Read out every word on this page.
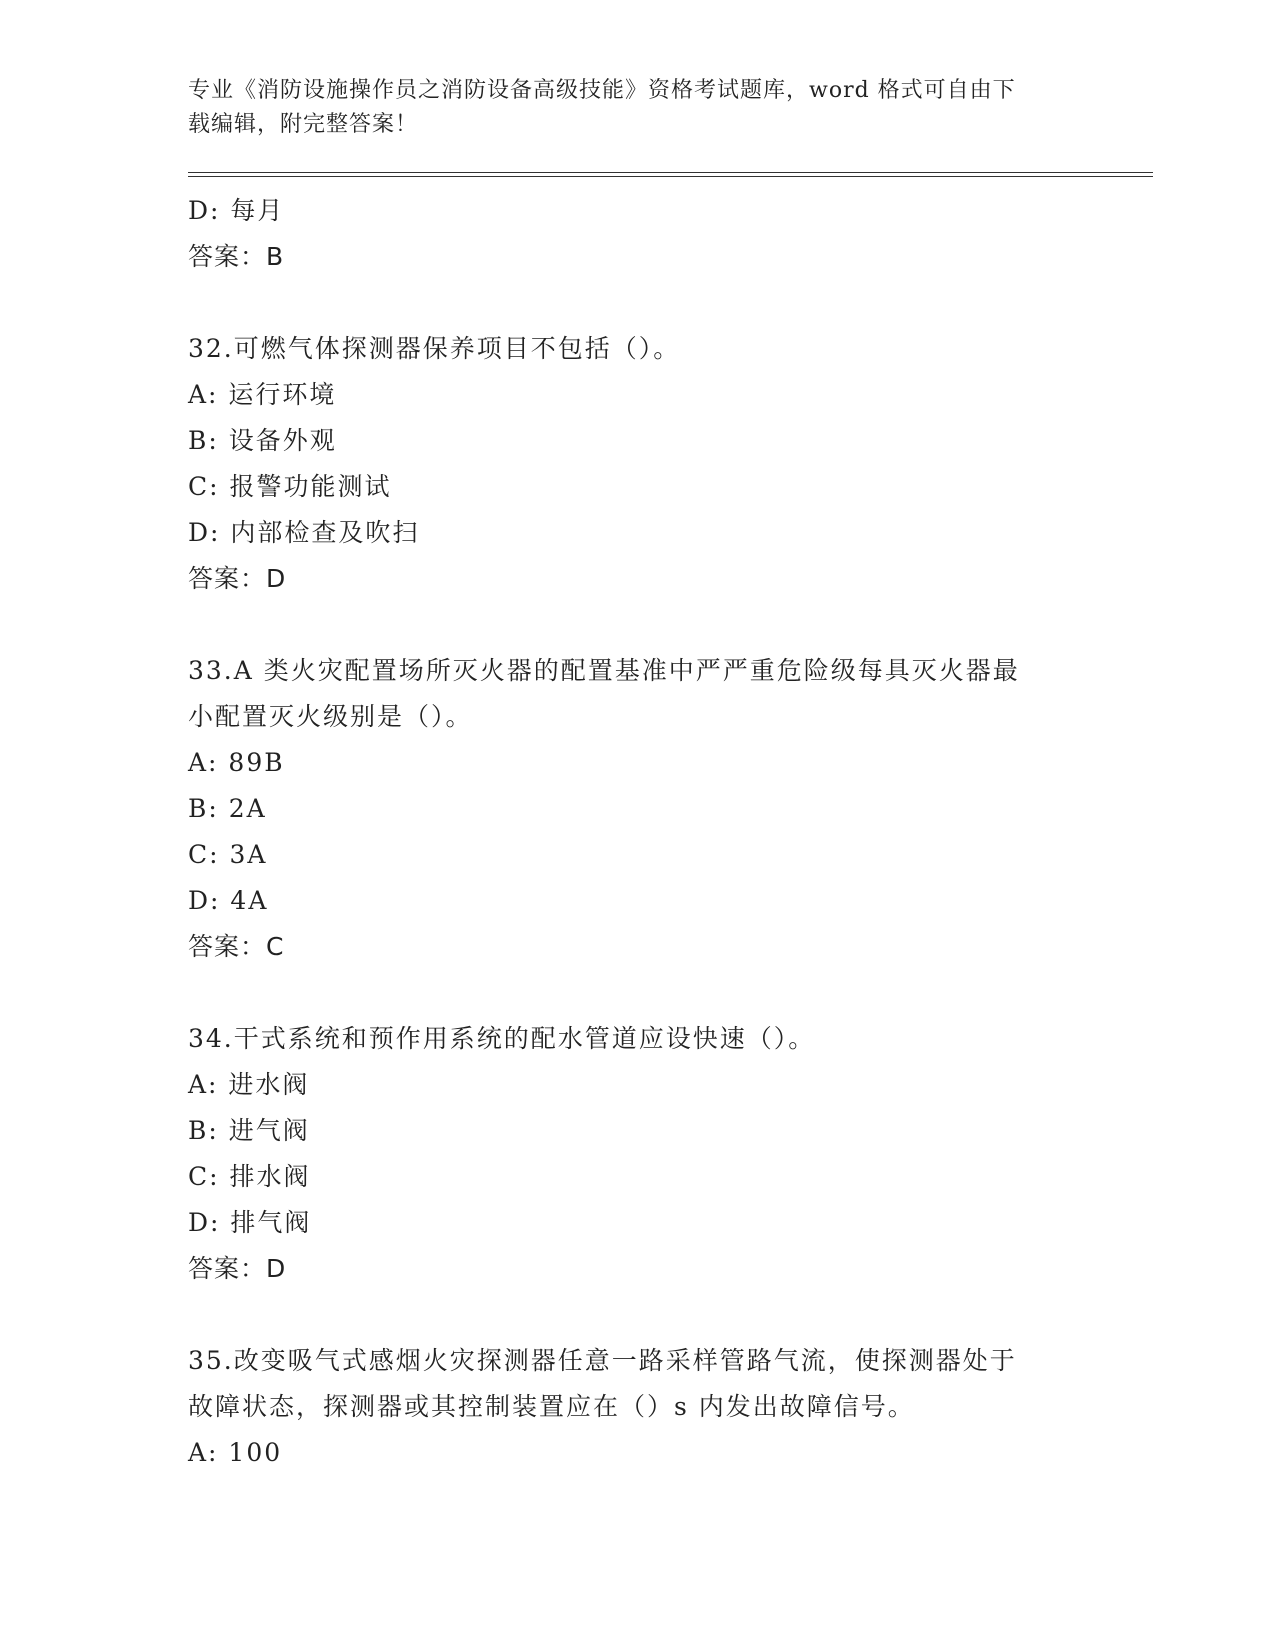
专业《消防设施操作员之消防设备高级技能》资格考试题库，word 格式可自由下
载编辑，附完整答案！
D: 每月
答案：B
32.可燃气体探测器保养项目不包括（）。
A: 运行环境
B: 设备外观
C: 报警功能测试
D: 内部检查及吹扫
答案：D
33.A 类火灾配置场所灭火器的配置基准中严严重危险级每具灭火器最
小配置灭火级别是（）。
A: 89B
B: 2A
C: 3A
D: 4A
答案：C
34.干式系统和预作用系统的配水管道应设快速（）。
A: 进水阀
B: 进气阀
C: 排水阀
D: 排气阀
答案：D
35.改变吸气式感烟火灾探测器任意一路采样管路气流，使探测器处于
故障状态，探测器或其控制装置应在（）s 内发出故障信号。
A: 100
